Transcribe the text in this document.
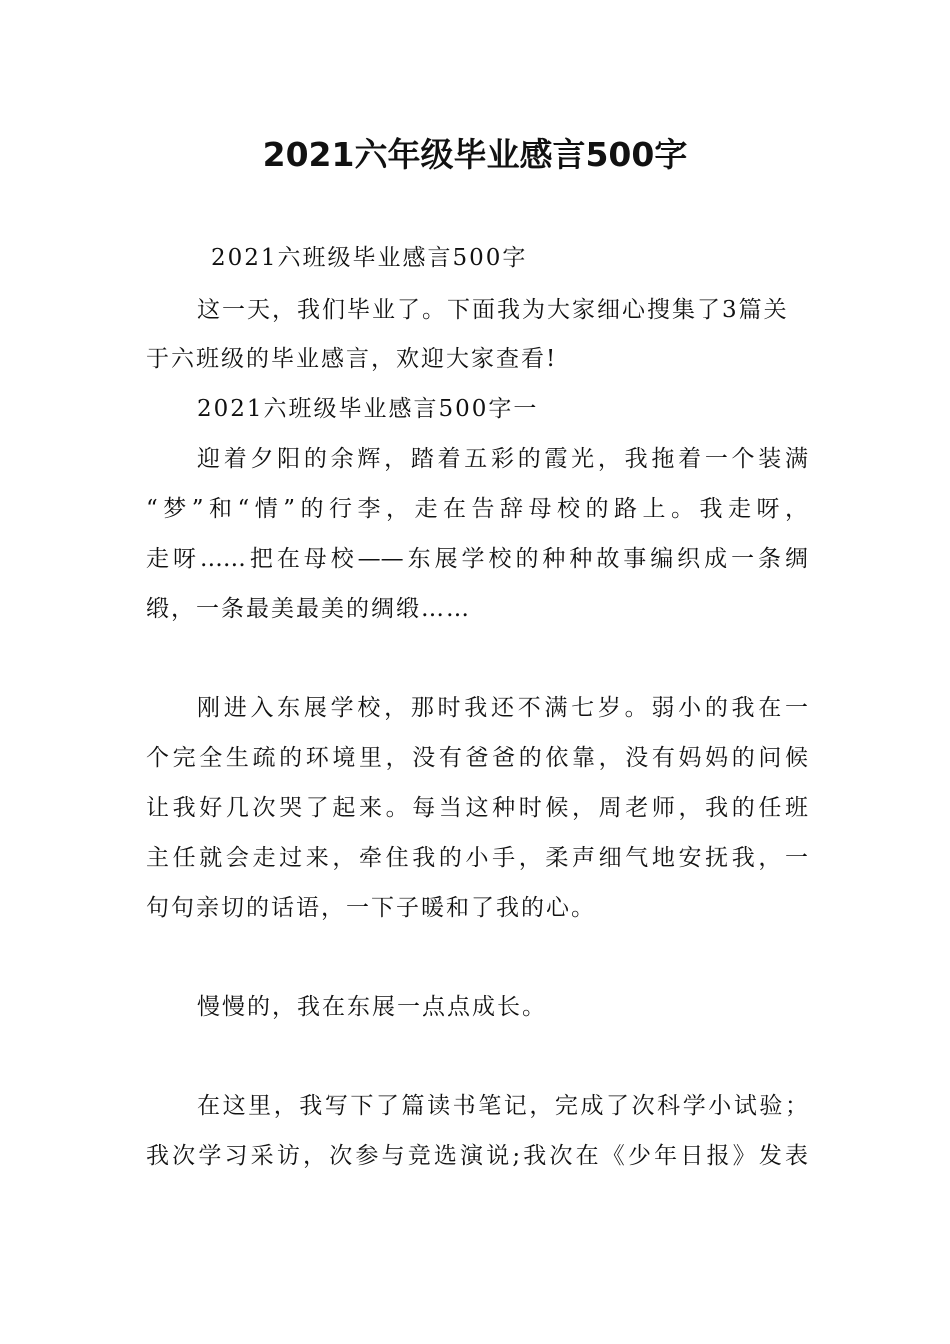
2021六年级毕业感言500字

2021六班级毕业感言500字

这一天，我们毕业了。下面我为大家细心搜集了3篇关

于六班级的毕业感言，欢迎大家查看!

2021六班级毕业感言500字一

迎着夕阳的余辉，踏着五彩的霞光，我拖着一个装满

“梦”和“情”的行李，走在告辞母校的路上。我走呀，

走呀……把在母校——东展学校的种种故事编织成一条绸

缎，一条最美最美的绸缎……

刚进入东展学校，那时我还不满七岁。弱小的我在一

个完全生疏的环境里，没有爸爸的依靠，没有妈妈的问候

让我好几次哭了起来。每当这种时候，周老师，我的任班

主任就会走过来，牵住我的小手，柔声细气地安抚我，一

句句亲切的话语，一下子暖和了我的心。

慢慢的，我在东展一点点成长。

在这里，我写下了篇读书笔记，完成了次科学小试验；

我次学习采访，次参与竞选演说;我次在《少年日报》发表
